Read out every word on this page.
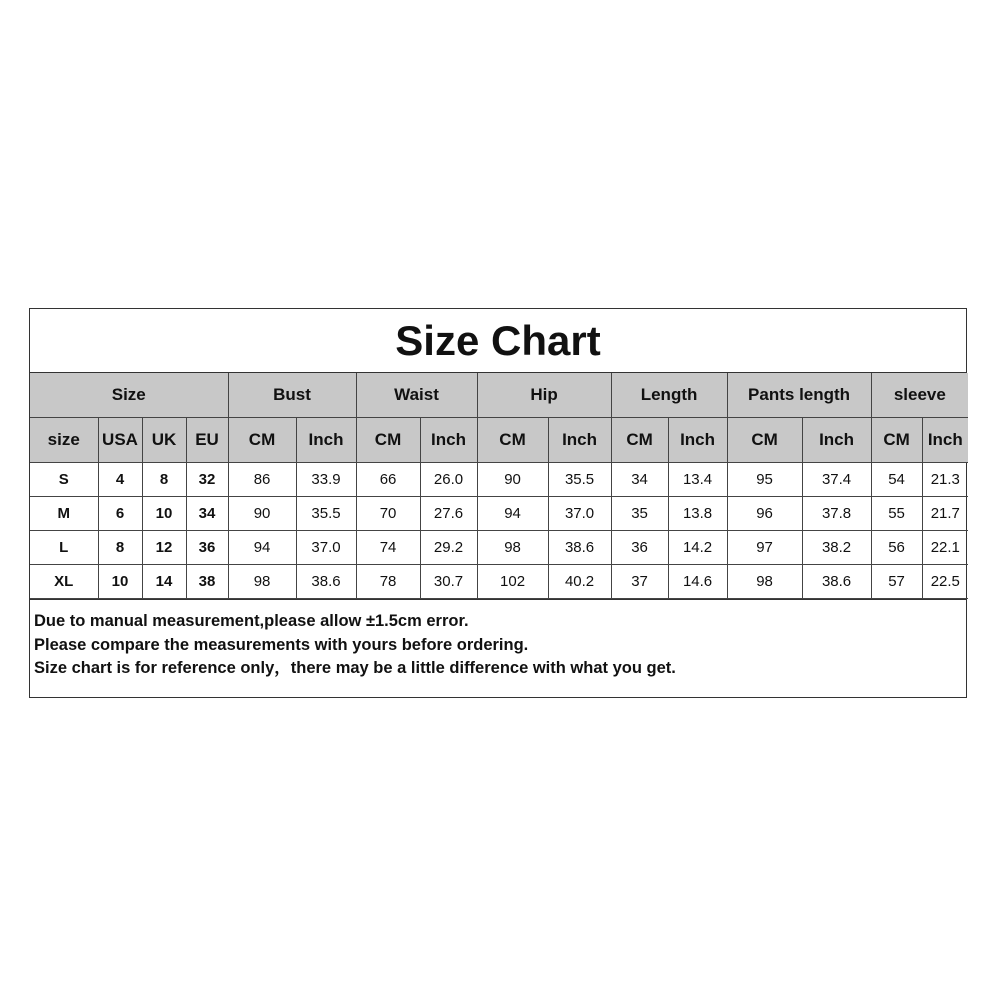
Size Chart
Size				Bust		Waist		Hip		Length		Pants length		sleeve	
size	USA	UK	EU	CM	Inch	CM	Inch	CM	Inch	CM	Inch	CM	Inch	CM	Inch
S	4	8	32	86	33.9	66	26.0	90	35.5	34	13.4	95	37.4	54	21.3
M	6	10	34	90	35.5	70	27.6	94	37.0	35	13.8	96	37.8	55	21.7
L	8	12	36	94	37.0	74	29.2	98	38.6	36	14.2	97	38.2	56	22.1
XL	10	14	38	98	38.6	78	30.7	102	40.2	37	14.6	98	38.6	57	22.5
Due to manual measurement,please allow ±1.5cm error.
Please compare the measurements with yours before ordering.
Size chart is for reference only，there may be a little difference with what you get.
